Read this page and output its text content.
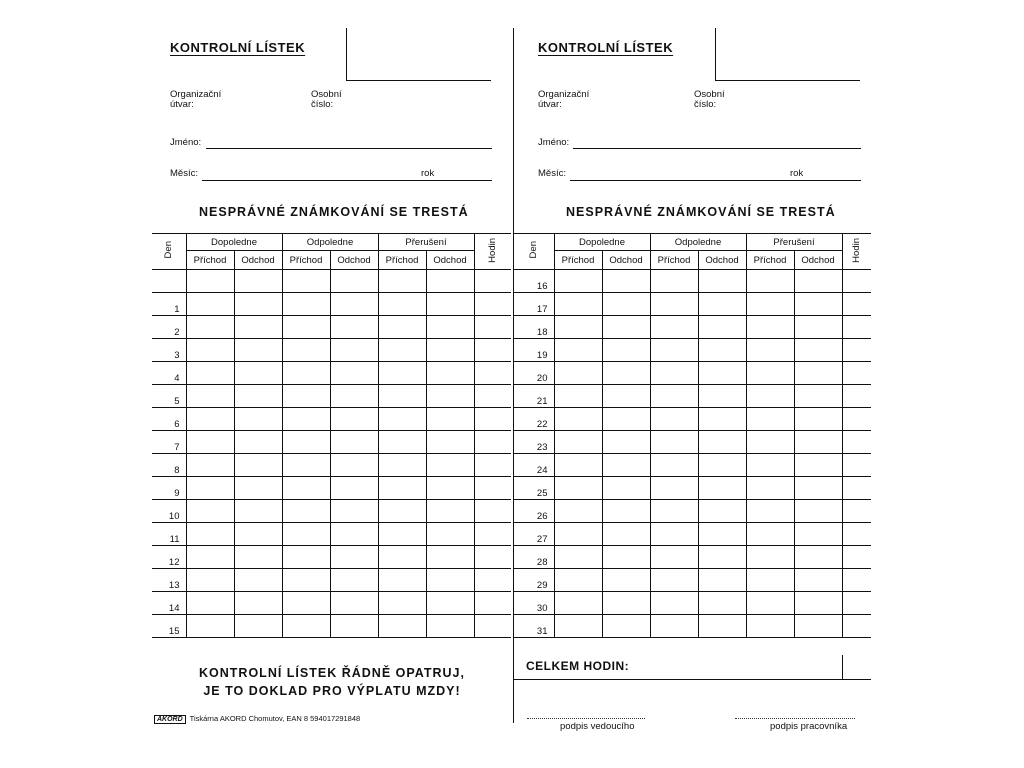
KONTROLNÍ LÍSTEK
Organizační
útvar:
Osobní
číslo:
Jméno:
Měsíc:	rok
NESPRÁVNÉ ZNÁMKOVÁNÍ SE TRESTÁ
Den	Dopoledne		Odpoledne		Přerušení		Hodin
	Příchod	Odchod	Příchod	Odchod	Příchod	Odchod	

1							
2							
3							
4							
5							
6							
7							
8							
9							
10							
11							
12							
13							
14							
15							
KONTROLNÍ LÍSTEK ŘÁDNĚ OPATRUJ,
JE TO DOKLAD PRO VÝPLATU MZDY!
AKORD Tiskárna AKORD Chomutov, EAN 8 594017291848
KONTROLNÍ LÍSTEK
Organizační
útvar:
Osobní
číslo:
Jméno:
Měsíc:	rok
NESPRÁVNÉ ZNÁMKOVÁNÍ SE TRESTÁ
Den	Dopoledne		Odpoledne		Přerušení		Hodin
	Příchod	Odchod	Příchod	Odchod	Příchod	Odchod	
16							
17							
18							
19							
20							
21							
22							
23							
24							
25							
26							
27							
28							
29							
30							
31							
CELKEM HODIN:
podpis vedoucího	podpis pracovníka
